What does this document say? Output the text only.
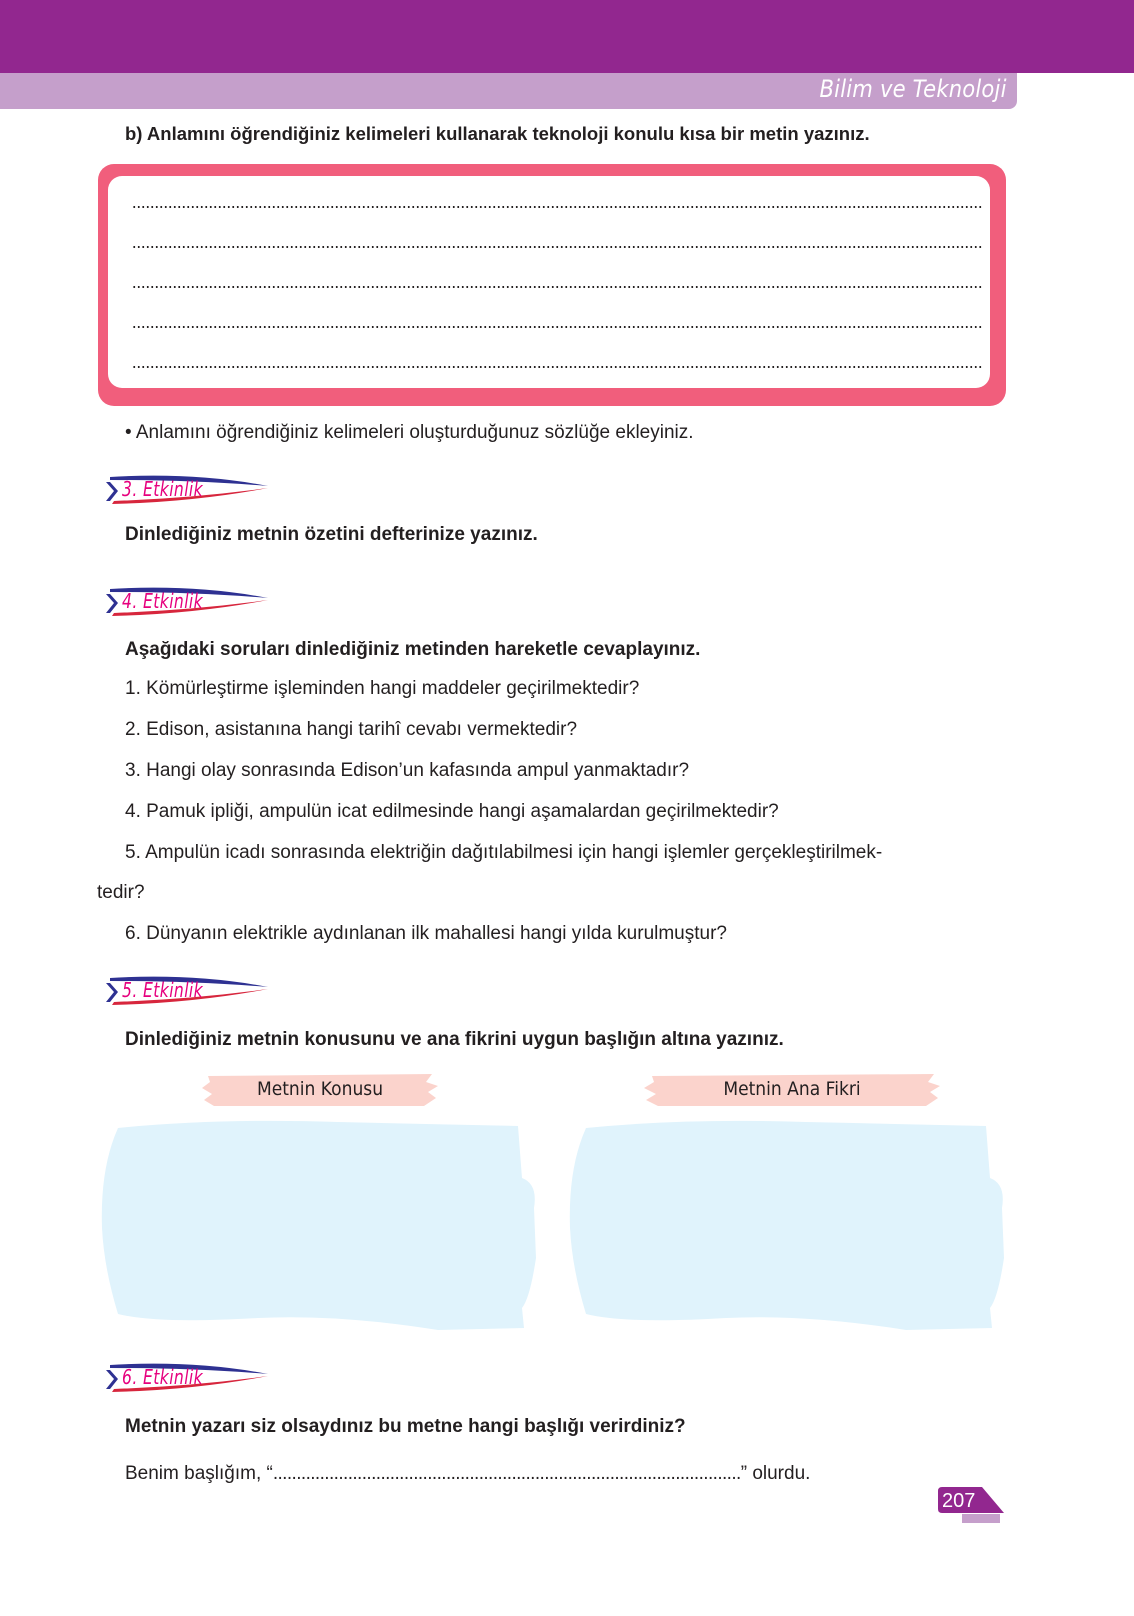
Bilim ve Teknoloji
b) Anlamını öğrendiğiniz kelimeleri kullanarak teknoloji konulu kısa bir metin yazınız.
• Anlamını öğrendiğiniz kelimeleri oluşturduğunuz sözlüğe ekleyiniz.
3. Etkinlik
Dinlediğiniz metnin özetini defterinize yazınız.
4. Etkinlik
Aşağıdaki soruları dinlediğiniz metinden hareketle cevaplayınız.
1. Kömürleştirme işleminden hangi maddeler geçirilmektedir?
2. Edison, asistanına hangi tarihî cevabı vermektedir?
3. Hangi olay sonrasında Edison’un kafasında ampul yanmaktadır?
4. Pamuk ipliği, ampulün icat edilmesinde hangi aşamalardan geçirilmektedir?
5. Ampulün icadı sonrasında elektriğin dağıtılabilmesi için hangi işlemler gerçekleştirilmek-
tedir?
6. Dünyanın elektrikle aydınlanan ilk mahallesi hangi yılda kurulmuştur?
5. Etkinlik
Dinlediğiniz metnin konusunu ve ana fikrini uygun başlığın altına yazınız.
Metnin Konusu	Metnin Ana Fikri
6. Etkinlik
Metnin yazarı siz olsaydınız bu metne hangi başlığı verirdiniz?
Benim başlığım, “....................................................................................................” olurdu.
207
